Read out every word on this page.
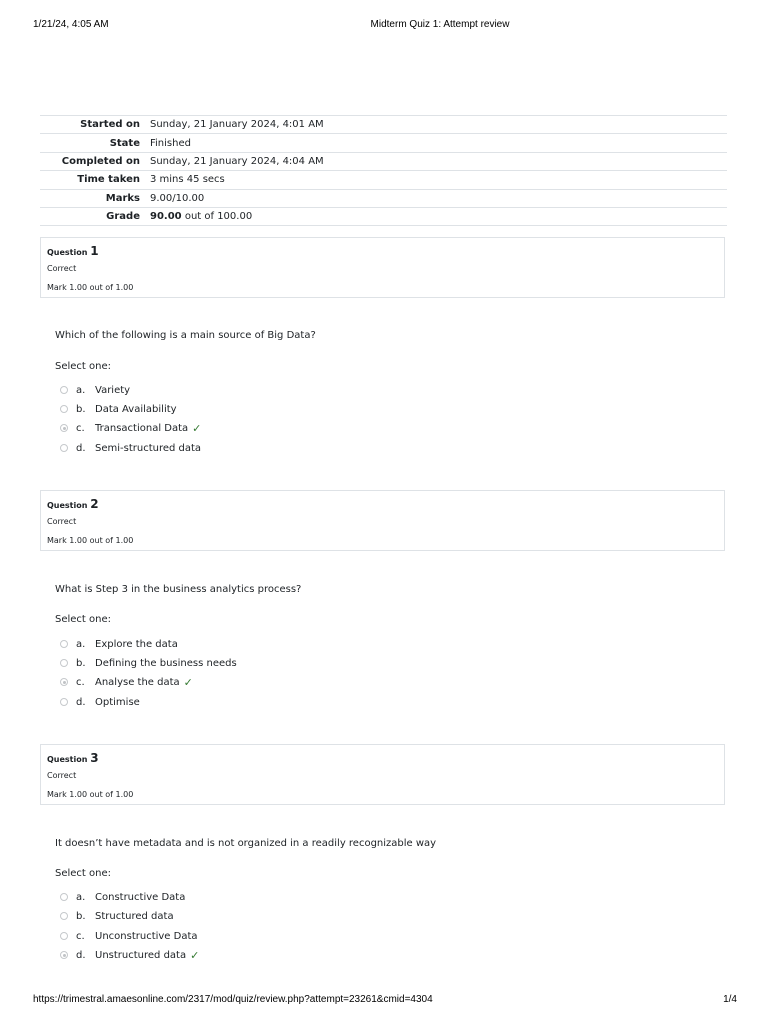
1/21/24, 4:05 AM	Midterm Quiz 1: Attempt review
Started on	Sunday, 21 January 2024, 4:01 AM
State	Finished
Completed on	Sunday, 21 January 2024, 4:04 AM
Time taken	3 mins 45 secs
Marks	9.00/10.00
Grade	90.00 out of 100.00
Question 1
Correct
Mark 1.00 out of 1.00
Which of the following is a main source of Big Data?
Select one:
a. Variety
b. Data Availability
c.	Transactional Data ✓
d. Semi-structured data
Question 2
Correct
Mark 1.00 out of 1.00
What is Step 3 in the business analytics process?
Select one:
a. Explore the data
b. Defining the business needs
c.	Analyse the data ✓
d. Optimise
Question 3
Correct
Mark 1.00 out of 1.00
It doesn’t have metadata and is not organized in a readily recognizable way
Select one:
a. Constructive Data
b. Structured data
c.	Unconstructive Data
d. Unstructured data ✓
https://trimestral.amaesonline.com/2317/mod/quiz/review.php?attempt=23261&cmid=4304	1/4
